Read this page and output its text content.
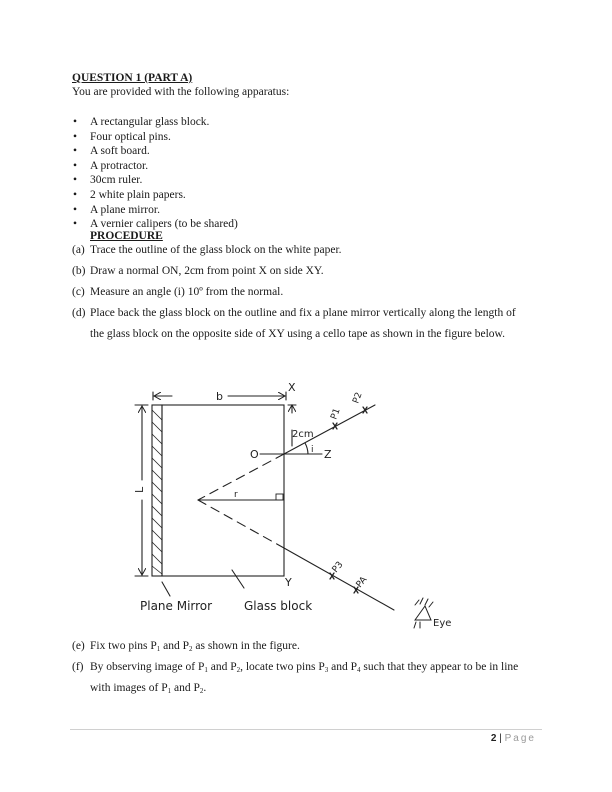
QUESTION 1 (PART A)
You are provided with the following apparatus:
• A rectangular glass block.
• Four optical pins.
• A soft board.
• A protractor.
• 30cm ruler.
• 2 white plain papers.
• A plane mirror.
• A vernier calipers (to be shared)
PROCEDURE
(a) Trace the outline of the glass block on the white paper.
(b) Draw a normal ON, 2cm from point X on side XY.
(c) Measure an angle (i) 10º from the normal.
(d) Place back the glass block on the outline and fix a plane mirror vertically along the length of
the glass block on the opposite side of XY using a cello tape as shown in the figure below.
b
L
X
Y
O	Z
i
r
2cm
P1
P2
P3
PA
Plane Mirror	Glass block
Eye
(e) Fix two pins $P_1$ and $P_2$ as shown in the figure.
(f) By observing image of $P_1$ and $P_2$, locate two pins $P_3$ and $P_4$ such that they appear to be in line
with images of $P_1$ and $P_2$.
2 | Page
